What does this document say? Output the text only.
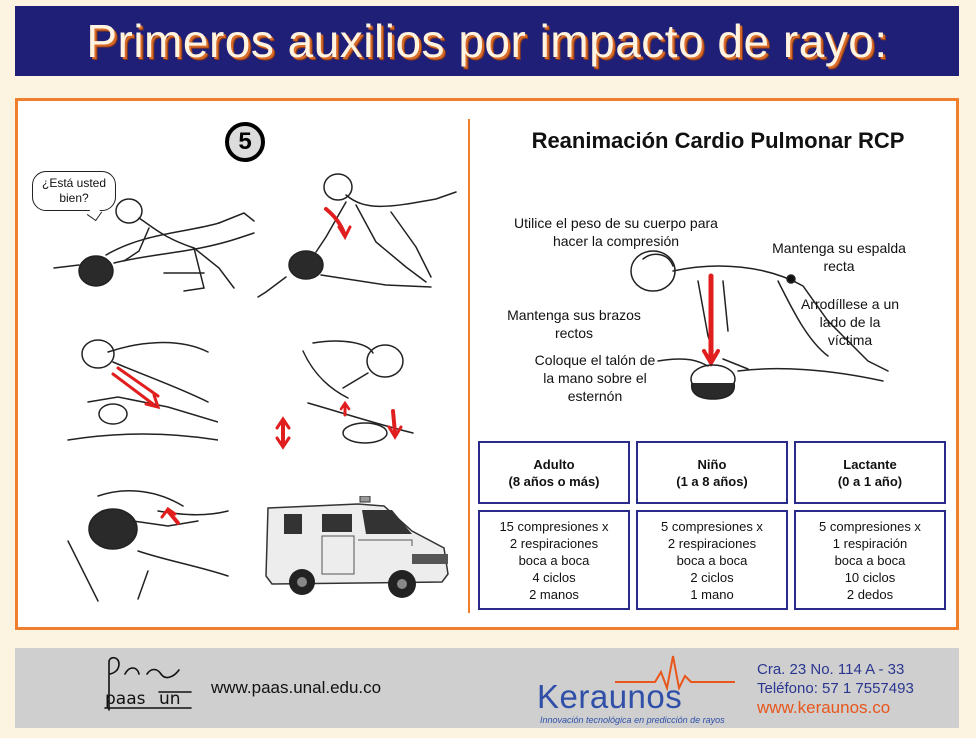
Primeros auxilios por impacto de rayo:
5
¿Está usted bien?
Reanimación Cardio Pulmonar RCP
Utilice el peso de su cuerpo para hacer la compresión	Mantenga su espalda recta
Mantenga sus brazos rectos
Arrodíllese a un lado de la víctima
Coloque el talón de la mano sobre el esternón
Adulto
(8 años o más)
Niño
(1 a 8 años)
Lactante
(0 a 1 año)
15 compresiones x
2 respiraciones
boca a boca
4 ciclos
2 manos
5 compresiones x
2 respiraciones
boca a boca
2 ciclos
1 mano
5 compresiones x
1 respiración
boca a boca
10 ciclos
2 dedos
paas un
www.paas.unal.edu.co	Keraunos
Innovación tecnológica en predicción de rayos
Cra. 23 No. 114 A - 33
Teléfono: 57 1 7557493
www.keraunos.co
